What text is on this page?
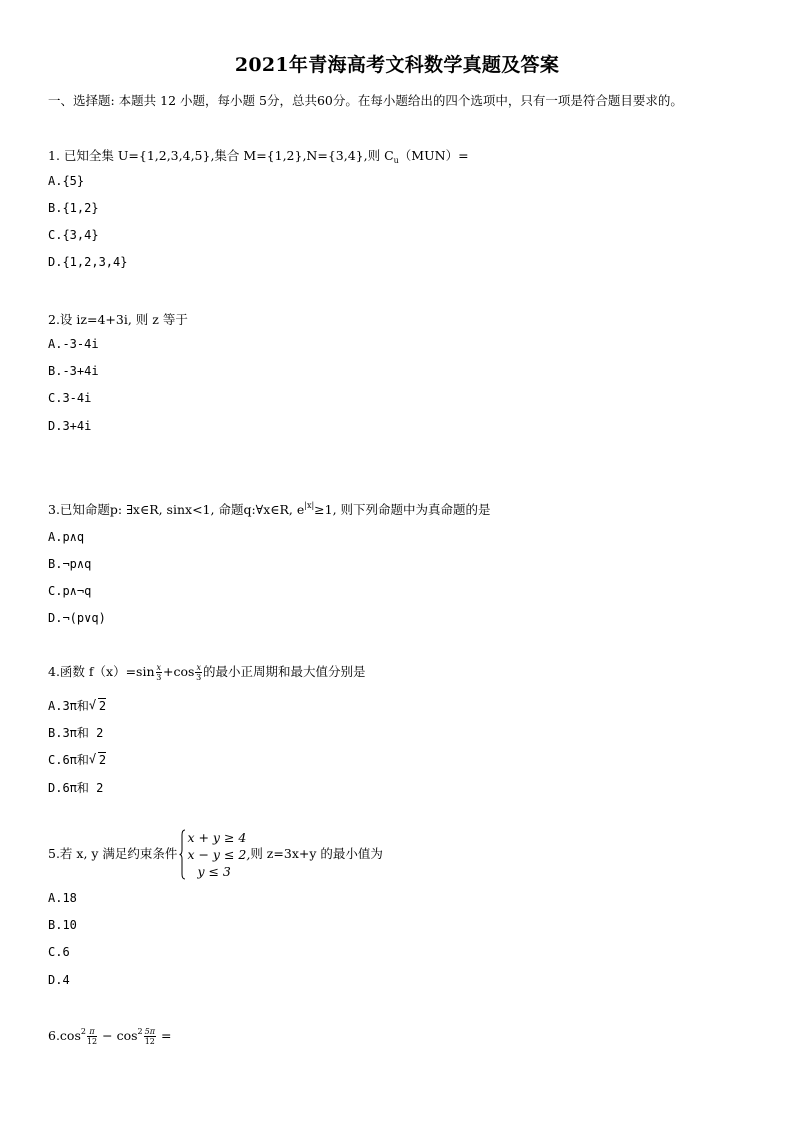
2021年青海高考文科数学真题及答案
一、选择题: 本题共 12 小题，每小题 5分，总共60分。在每小题给出的四个选项中，只有一项是符合题目要求的。
1. 已知全集 U={1,2,3,4,5},集合 M={1,2},N={3,4},则 $C_u(MUN)=$
A.{5}
B.{1,2}
C.{3,4}
D.{1,2,3,4}
2.设 iz=4+3i, 则 z 等于
A.-3-4i
B.-3+4i
C.3-4i
D.3+4i
3.已知命题p: ∃x∈R, sinx<1, 命题q:∀x∈R, $e^{|x|}\ge 1$, 则下列命题中为真命题的是
A.p∧q
B.¬p∧q
C.p∧¬q
D.¬(p∨q)
4.函数 $f(x)=\sin \frac{x}{3} +\cos \frac{x}{3}$ 的最小正周期和最大值分别是
A.3π和 √ 2
B.3π和 2
C.6π和 √ 2
D.6π和 2
5.若 x, y 满足约束条件
x + y ≥ 4
x − y ≤ 2,
y ≤ 3
则 z=3x+y 的最小值为
A.18
B.10
C.6
D.4
$6.\cos^2 \frac{\pi}{12} - \cos^2 \frac{5\pi}{12}$ =
